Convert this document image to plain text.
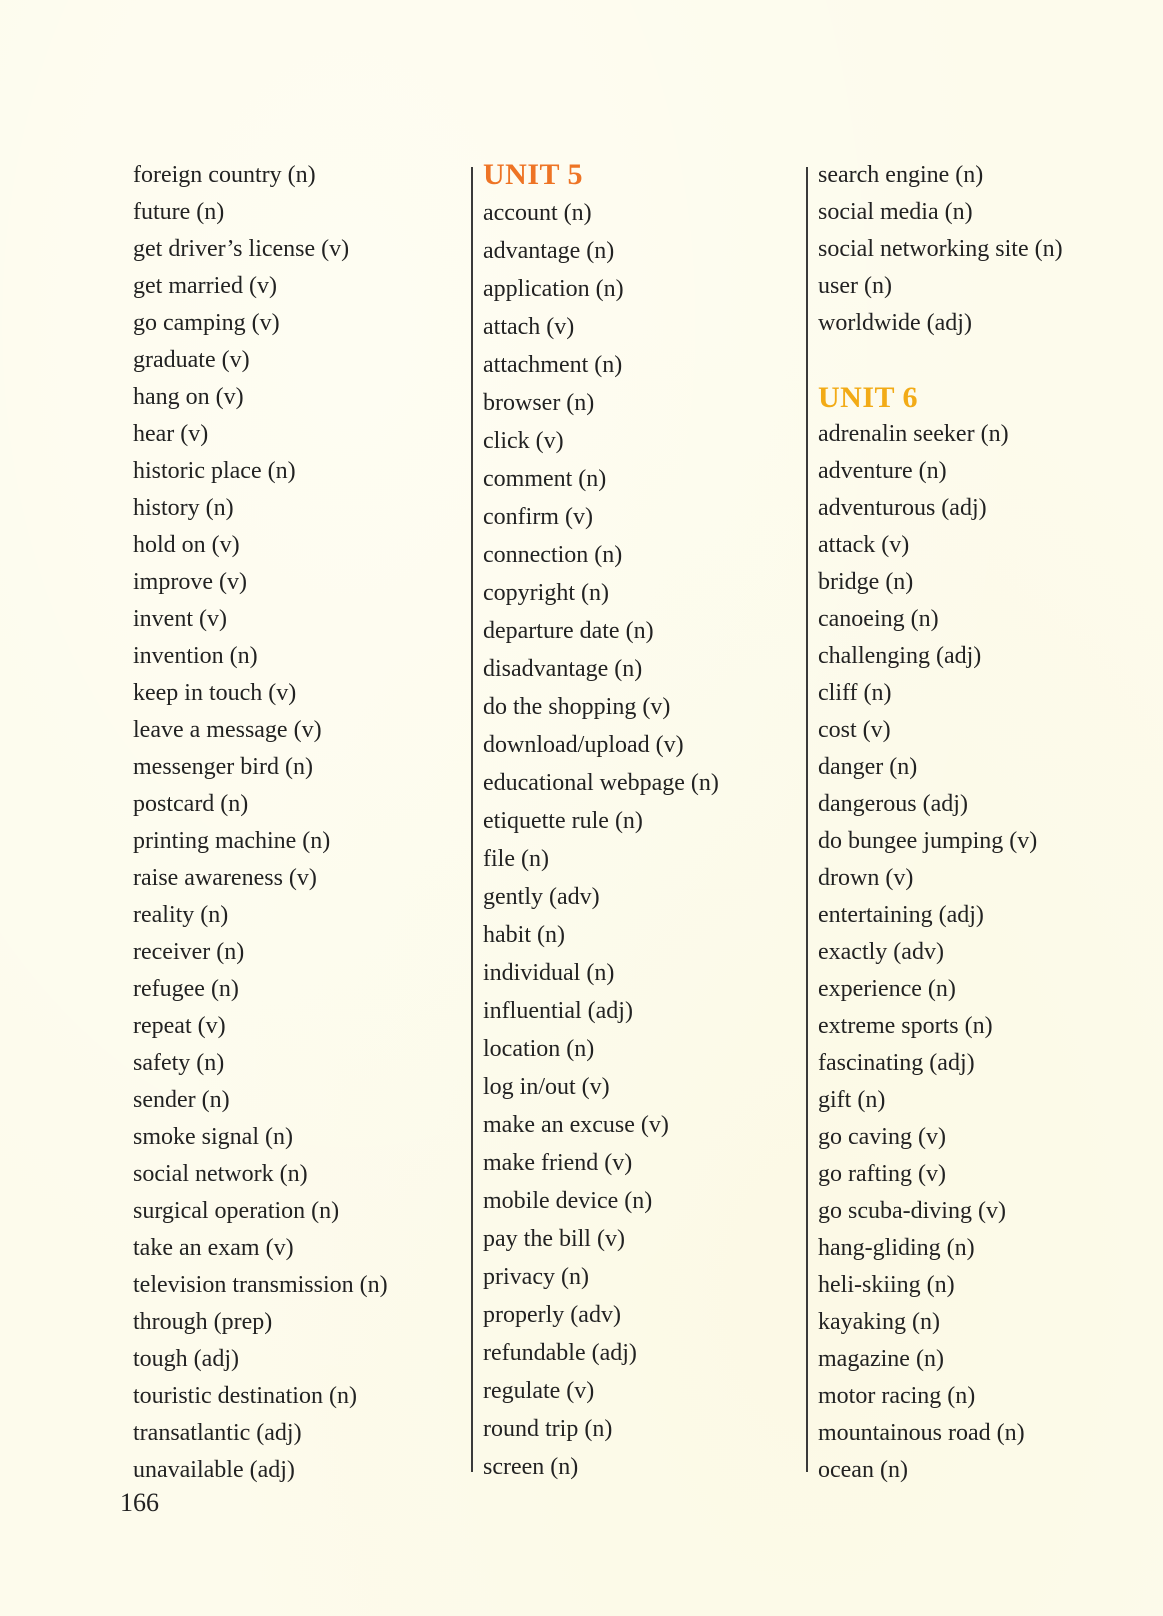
foreign country (n)
future (n)
get driver’s license (v)
get married (v)
go camping (v)
graduate (v)
hang on (v)
hear (v)
historic place (n)
history (n)
hold on (v)
improve (v)
invent (v)
invention (n)
keep in touch (v)
leave a message (v)
messenger bird (n)
postcard (n)
printing machine (n)
raise awareness (v)
reality (n)
receiver (n)
refugee (n)
repeat (v)
safety (n)
sender (n)
smoke signal (n)
social network (n)
surgical operation (n)
take an exam (v)
television transmission (n)
through (prep)
tough (adj)
touristic destination (n)
transatlantic (adj)
unavailable (adj)
UNIT 5
account (n)
advantage (n)
application (n)
attach (v)
attachment (n)
browser (n)
click (v)
comment (n)
confirm (v)
connection (n)
copyright (n)
departure date (n)
disadvantage (n)
do the shopping (v)
download/upload (v)
educational webpage (n)
etiquette rule (n)
file (n)
gently (adv)
habit (n)
individual (n)
influential (adj)
location (n)
log in/out (v)
make an excuse (v)
make friend (v)
mobile device (n)
pay the bill (v)
privacy (n)
properly (adv)
refundable (adj)
regulate (v)
round trip (n)
screen (n)
search engine (n)
social media (n)
social networking site (n)
user (n)
worldwide (adj)
UNIT 6
adrenalin seeker (n)
adventure (n)
adventurous (adj)
attack (v)
bridge (n)
canoeing (n)
challenging (adj)
cliff (n)
cost (v)
danger (n)
dangerous (adj)
do bungee jumping (v)
drown (v)
entertaining (adj)
exactly (adv)
experience (n)
extreme sports (n)
fascinating (adj)
gift (n)
go caving (v)
go rafting (v)
go scuba-diving (v)
hang-gliding (n)
heli-skiing (n)
kayaking (n)
magazine (n)
motor racing (n)
mountainous road (n)
ocean (n)
166
